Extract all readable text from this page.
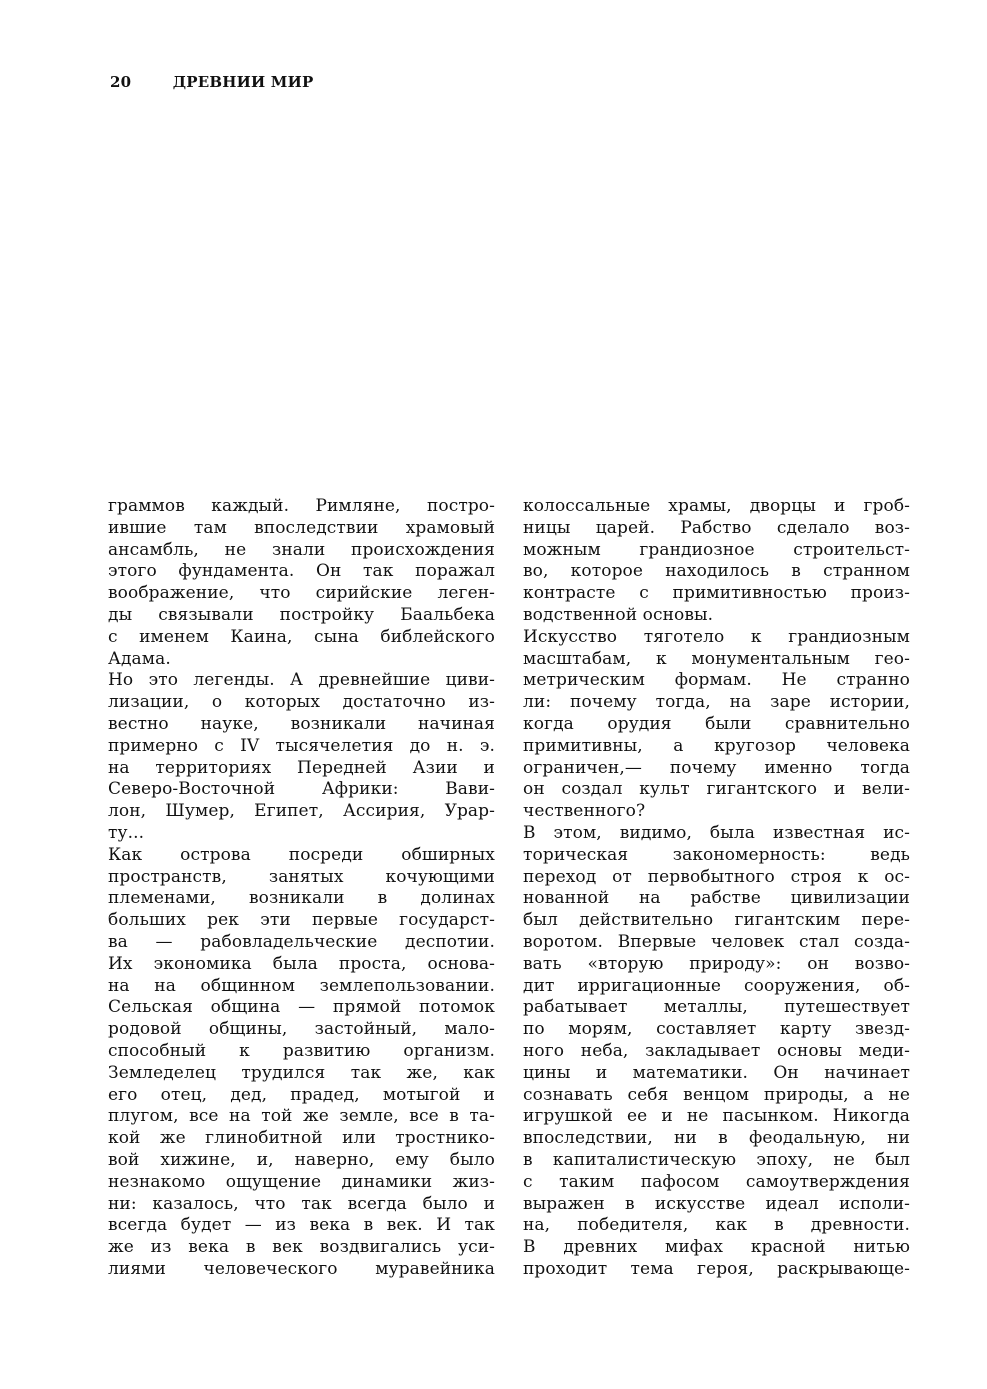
20	ДРЕВНИИ МИР
граммов каждый. Римляне, постро-
ившие там впоследствии храмовый
ансамбль, не знали происхождения
этого фундамента. Он так поражал
воображение, что сирийские леген-
ды связывали постройку Баальбека
с именем Каина, сына библейского
Адама.
Но это легенды. А древнейшие циви-
лизации, о которых достаточно из-
вестно науке, возникали начиная
примерно с IV тысячелетия до н. э.
на территориях Передней Азии и
Северо-Восточной Африки: Вави-
лон, Шумер, Египет, Ассирия, Урар-
ту...
Как острова посреди обширных
пространств, занятых кочующими
племенами, возникали в долинах
больших рек эти первые государст-
ва — рабовладельческие деспотии.
Их экономика была проста, основа-
на на общинном землепользовании.
Сельская община — прямой потомок
родовой общины, застойный, мало-
способный к развитию организм.
Земледелец трудился так же, как
его отец, дед, прадед, мотыгой и
плугом, все на той же земле, все в та-
кой же глинобитной или тростнико-
вой хижине, и, наверно, ему было
незнакомо ощущение динамики жиз-
ни: казалось, что так всегда было и
всегда будет — из века в век. И так
же из века в век воздвигались уси-
лиями человеческого муравейника
колоссальные храмы, дворцы и гроб-
ницы царей. Рабство сделало воз-
можным грандиозное строительст-
во, которое находилось в странном
контрасте с примитивностью произ-
водственной основы.
Искусство тяготело к грандиозным
масштабам, к монументальным гео-
метрическим формам. Не странно
ли: почему тогда, на заре истории,
когда орудия были сравнительно
примитивны, а кругозор человека
ограничен,— почему именно тогда
он создал культ гигантского и вели-
чественного?
В этом, видимо, была известная ис-
торическая закономерность: ведь
переход от первобытного строя к ос-
нованной на рабстве цивилизации
был действительно гигантским пере-
воротом. Впервые человек стал созда-
вать «вторую природу»: он возво-
дит ирригационные сооружения, об-
рабатывает металлы, путешествует
по морям, составляет карту звезд-
ного неба, закладывает основы меди-
цины и математики. Он начинает
сознавать себя венцом природы, а не
игрушкой ее и не пасынком. Никогда
впоследствии, ни в феодальную, ни
в капиталистическую эпоху, не был
с таким пафосом самоутверждения
выражен в искусстве идеал исполи-
на, победителя, как в древности.
В древних мифах красной нитью
проходит тема героя, раскрывающе-
